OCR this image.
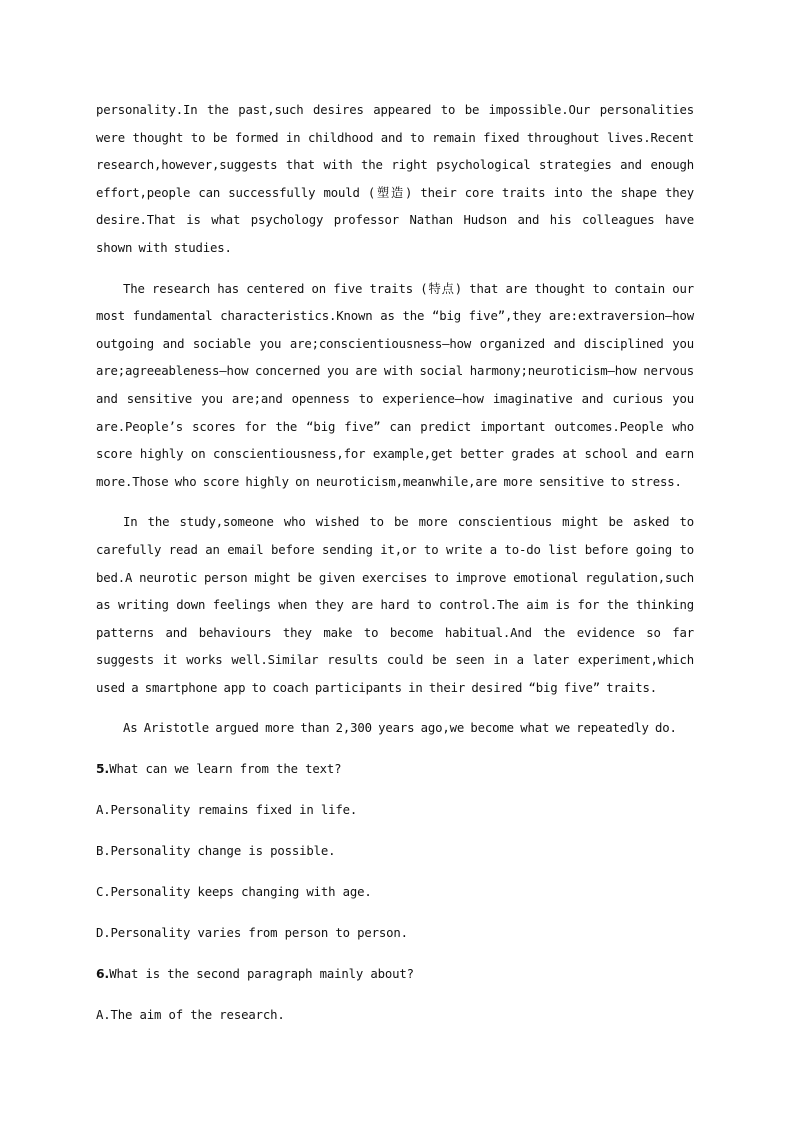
personality.In the past,such desires appeared to be impossible.Our personalities were thought to be formed in childhood and to remain fixed throughout lives.Recent research,however,suggests that with the right psychological strategies and enough effort,people can successfully mould (塑造) their core traits into the shape they desire.That is what psychology professor Nathan Hudson and his colleagues have shown with studies.

The research has centered on five traits (特点) that are thought to contain our most fundamental characteristics.Known as the “big five”,they are:extraversion—how outgoing and sociable you are;conscientiousness—how organized and disciplined you are;agreeableness—how concerned you are with social harmony;neuroticism—how nervous and sensitive you are;and openness to experience—how imaginative and curious you are.People’s scores for the “big five” can predict important outcomes.People who score highly on conscientiousness,for example,get better grades at school and earn more.Those who score highly on neuroticism,meanwhile,are more sensitive to stress.

In the study,someone who wished to be more conscientious might be asked to carefully read an email before sending it,or to write a to-do list before going to bed.A neurotic person might be given exercises to improve emotional regulation,such as writing down feelings when they are hard to control.The aim is for the thinking patterns and behaviours they make to become habitual.And the evidence so far suggests it works well.Similar results could be seen in a later experiment,which used a smartphone app to coach participants in their desired “big five” traits.

As Aristotle argued more than 2,300 years ago,we become what we repeatedly do.

5.What can we learn from the text?

A.Personality remains fixed in life.

B.Personality change is possible.

C.Personality keeps changing with age.

D.Personality varies from person to person.

6.What is the second paragraph mainly about?

A.The aim of the research.
